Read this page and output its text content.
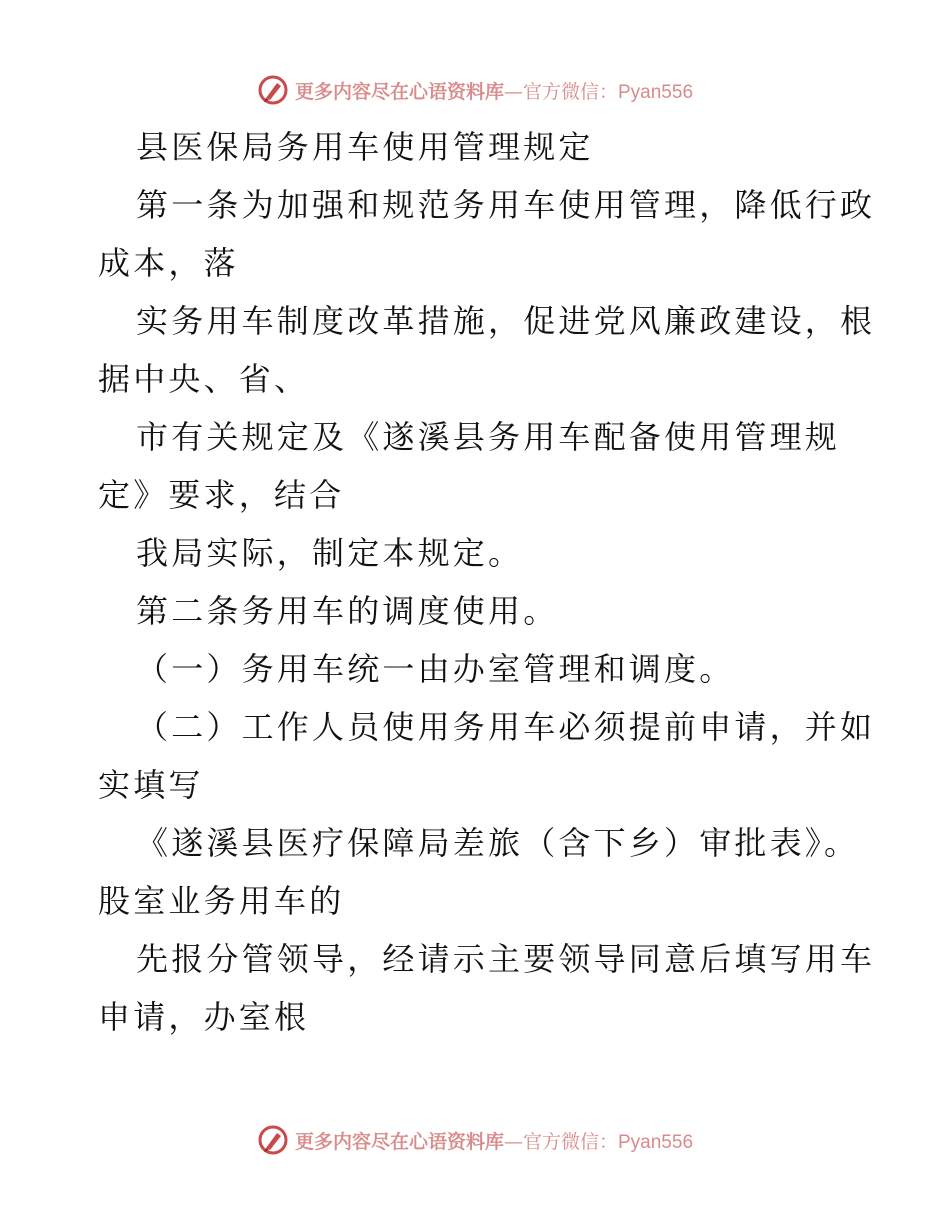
更多内容尽在心语资料库—官方微信：Pyan556

县医保局务用车使用管理规定

第一条为加强和规范务用车使用管理，降低行政

成本，落

实务用车制度改革措施，促进党风廉政建设，根

据中央、省、

市有关规定及《遂溪县务用车配备使用管理规

定》要求，结合

我局实际，制定本规定。

第二条务用车的调度使用。

（一）务用车统一由办室管理和调度。

（二）工作人员使用务用车必须提前申请，并如

实填写

《遂溪县医疗保障局差旅（含下乡）审批表》。

股室业务用车的

先报分管领导，经请示主要领导同意后填写用车

申请，办室根

更多内容尽在心语资料库—官方微信：Pyan556
